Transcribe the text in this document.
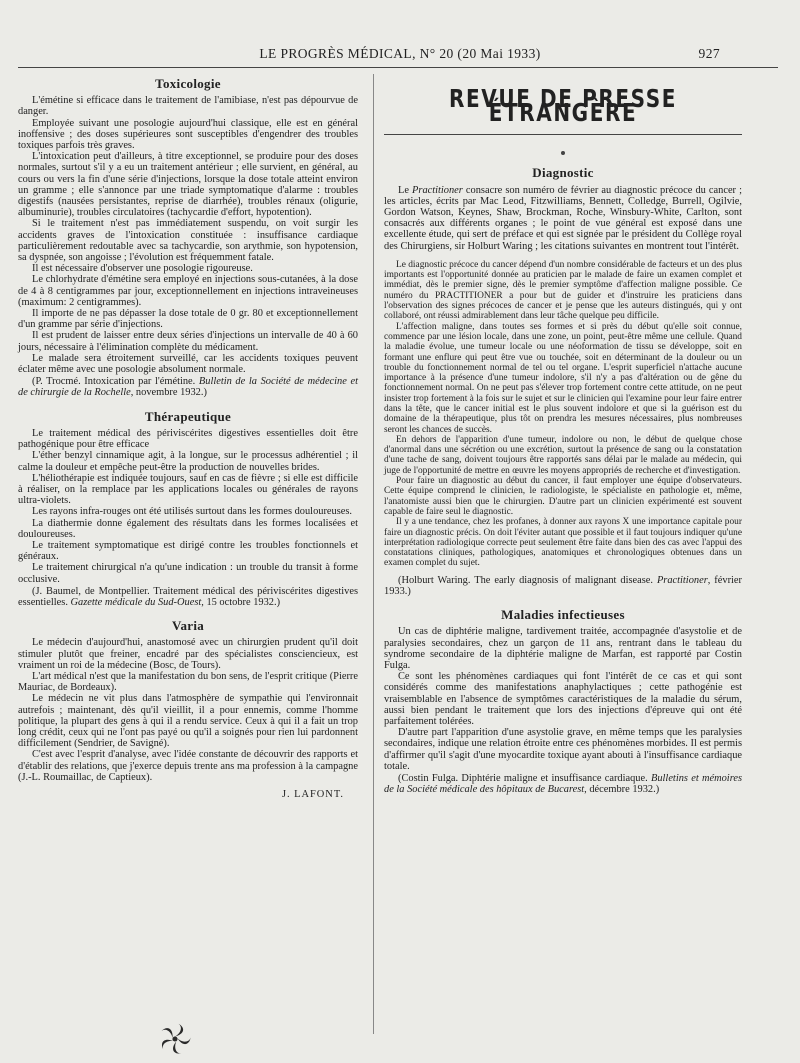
LE PROGRÈS MÉDICAL, N° 20 (20 Mai 1933)	927
Toxicologie

L'émétine si efficace dans le traitement de l'amibiase, n'est pas dépourvue de danger.

Employée suivant une posologie aujourd'hui classique, elle est en général inoffensive ; des doses supérieures sont susceptibles d'engendrer des troubles toxiques parfois très graves.

L'intoxication peut d'ailleurs, à titre exceptionnel, se produire pour des doses normales, surtout s'il y a eu un traitement antérieur ; elle survient, en général, au cours ou vers la fin d'une série d'injections, lorsque la dose totale atteint environ un gramme ; elle s'annonce par une triade symptomatique d'alarme : troubles digestifs (nausées persistantes, reprise de diarrhée), troubles rénaux (oligurie, albuminurie), troubles circulatoires (tachycardie d'effort, hypotention).

Si le traitement n'est pas immédiatement suspendu, on voit surgir les accidents graves de l'intoxication constituée : insuffisance cardiaque particulièrement redoutable avec sa tachycardie, son arythmie, son hypotension, sa dyspnée, son angoisse ; l'évolution est fréquemment fatale.

Il est nécessaire d'observer une posologie rigoureuse.

Le chlorhydrate d'émétine sera employé en injections sous-cutanées, à la dose de 4 à 8 centigrammes par jour, exceptionnellement en injections intraveineuses (maximum: 2 centigrammes).

Il importe de ne pas dépasser la dose totale de 0 gr. 80 et exceptionnellement d'un gramme par série d'injections.

Il est prudent de laisser entre deux séries d'injections un intervalle de 40 à 60 jours, nécessaire à l'élimination complète du médicament.

Le malade sera étroitement surveillé, car les accidents toxiques peuvent éclater même avec une posologie absolument normale.

(P. Trocmé. Intoxication par l'émétine. Bulletin de la Société de médecine et de chirurgie de la Rochelle, novembre 1932.)

Thérapeutique

Le traitement médical des périviscérites digestives essentielles doit être pathogénique pour être efficace

L'éther benzyl cinnamique agit, à la longue, sur le processus adhérentiel ; il calme la douleur et empêche peut-être la production de nouvelles brides.

L'héliothérapie est indiquée toujours, sauf en cas de fièvre ; si elle est difficile à réaliser, on la remplace par les applications locales ou générales de rayons ultra-violets.

Les rayons infra-rouges ont été utilisés surtout dans les formes douloureuses.

La diathermie donne également des résultats dans les formes localisées et douloureuses.

Le traitement symptomatique est dirigé contre les troubles fonctionnels et généraux.

Le traitement chirurgical n'a qu'une indication : un trouble du transit à forme occlusive.

(J. Baumel, de Montpellier. Traitement médical des périviscérites digestives essentielles. Gazette médicale du Sud-Ouest, 15 octobre 1932.)

Varia

Le médecin d'aujourd'hui, anastomosé avec un chirurgien prudent qu'il doit stimuler plutôt que freiner, encadré par des spécialistes consciencieux, est vraiment un roi de la médecine (Bosc, de Tours).

L'art médical n'est que la manifestation du bon sens, de l'esprit critique (Pierre Mauriac, de Bordeaux).

Le médecin ne vit plus dans l'atmosphère de sympathie qui l'environnait autrefois ; maintenant, dès qu'il vieillit, il a pour ennemis, comme l'homme politique, la plupart des gens à qui il a rendu service. Ceux à qui il a fait un trop long crédit, ceux qui ne l'ont pas payé ou qu'il a soignés pour rien lui pardonnent difficilement (Sendrier, de Savigné).

C'est avec l'esprit d'analyse, avec l'idée constante de découvrir des rapports et d'établir des relations, que j'exerce depuis trente ans ma profession à la campagne (J.-L. Roumaillac, de Captieux).

J. LAFONT.
REVUE DE PRESSE ÉTRANGÈRE
Diagnostic

Le Practitioner consacre son numéro de février au diagnostic précoce du cancer ; les articles, écrits par Mac Leod, Fitzwilliams, Bennett, Colledge, Burrell, Ogilvie, Gordon Watson, Keynes, Shaw, Brockman, Roche, Winsbury-White, Carlton, sont consacrés aux différents organes ; le point de vue général est exposé dans une excellente étude, qui sert de préface et qui est signée par le président du Collège royal des Chirurgiens, sir Holburt Waring ; les citations suivantes en montrent tout l'intérêt.

Le diagnostic précoce du cancer dépend d'un nombre considérable de facteurs et un des plus importants est l'opportunité donnée au praticien par le malade de faire un examen complet et immédiat, dès le premier signe, dès le premier symptôme d'affection maligne possible. Ce numéro du PRACTITIONER a pour but de guider et d'instruire les praticiens dans l'observation des signes précoces de cancer et je pense que les auteurs distingués, qui y ont collaboré, ont réussi admirablement dans leur tâche quelque peu difficile.

L'affection maligne, dans toutes ses formes et si près du début qu'elle soit connue, commence par une lésion locale, dans une zone, un point, peut-être même une cellule. Quand la maladie évolue, une tumeur locale ou une néoformation de tissu se développe, soit en formant une enflure qui peut être vue ou touchée, soit en déterminant de la douleur ou un trouble du fonctionnement normal de tel ou tel organe. L'esprit superficiel n'attache aucune importance à la présence d'une tumeur indolore, s'il n'y a pas d'altération ou de gêne du fonctionnement normal. On ne peut pas s'élever trop fortement contre cette attitude, on ne peut insister trop fortement à la fois sur le sujet et sur le clinicien qui l'examine pour leur faire entrer dans la tête, que le cancer initial est le plus souvent indolore et que si la guérison est du domaine de la thérapeutique, plus tôt on prendra les mesures nécessaires, plus nombreuses seront les chances de succès.

En dehors de l'apparition d'une tumeur, indolore ou non, le début de quelque chose d'anormal dans une sécrétion ou une excrétion, surtout la présence de sang ou la constatation d'une tache de sang, doivent toujours être rapportés sans délai par le malade au médecin, qui juge de l'opportunité de mettre en œuvre les moyens appropriés de recherche et d'investigation.

Pour faire un diagnostic au début du cancer, il faut employer une équipe d'observateurs. Cette équipe comprend le clinicien, le radiologiste, le spécialiste en pathologie et, même, l'anatomiste aussi bien que le chirurgien. D'autre part un clinicien expérimenté est souvent capable de faire seul le diagnostic.

Il y a une tendance, chez les profanes, à donner aux rayons X une importance capitale pour faire un diagnostic précis. On doit l'éviter autant que possible et il faut toujours indiquer qu'une interprétation radiologique correcte peut seulement être faite dans bien des cas avec l'appui des constatations cliniques, pathologiques, anatomiques et chronologiques obtenues dans un examen complet du sujet.

(Holburt Waring. The early diagnosis of malignant disease. Practitioner, février 1933.)

Maladies infectieuses

Un cas de diphtérie maligne, tardivement traitée, accompagnée d'asystolie et de paralysies secondaires, chez un garçon de 11 ans, rentrant dans le tableau du syndrome secondaire de la diphtérie maligne de Marfan, est rapporté par Costin Fulga.

Ce sont les phénomènes cardiaques qui font l'intérêt de ce cas et qui sont considérés comme des manifestations anaphylactiques ; cette pathogénie est vraisemblable en l'absence de symptômes caractéristiques de la maladie du sérum, aussi bien pendant le traitement que lors des injections d'épreuve qui ont été parfaitement tolérées.

D'autre part l'apparition d'une asystolie grave, en même temps que les paralysies secondaires, indique une relation étroite entre ces phénomènes morbides. Il est permis d'affirmer qu'il s'agit d'une myocardite toxique ayant abouti à l'insuffisance cardiaque totale.

(Costin Fulga. Diphtérie maligne et insuffisance cardiaque. Bulletins et mémoires de la Société médicale des hôpitaux de Bucarest, décembre 1932.)
